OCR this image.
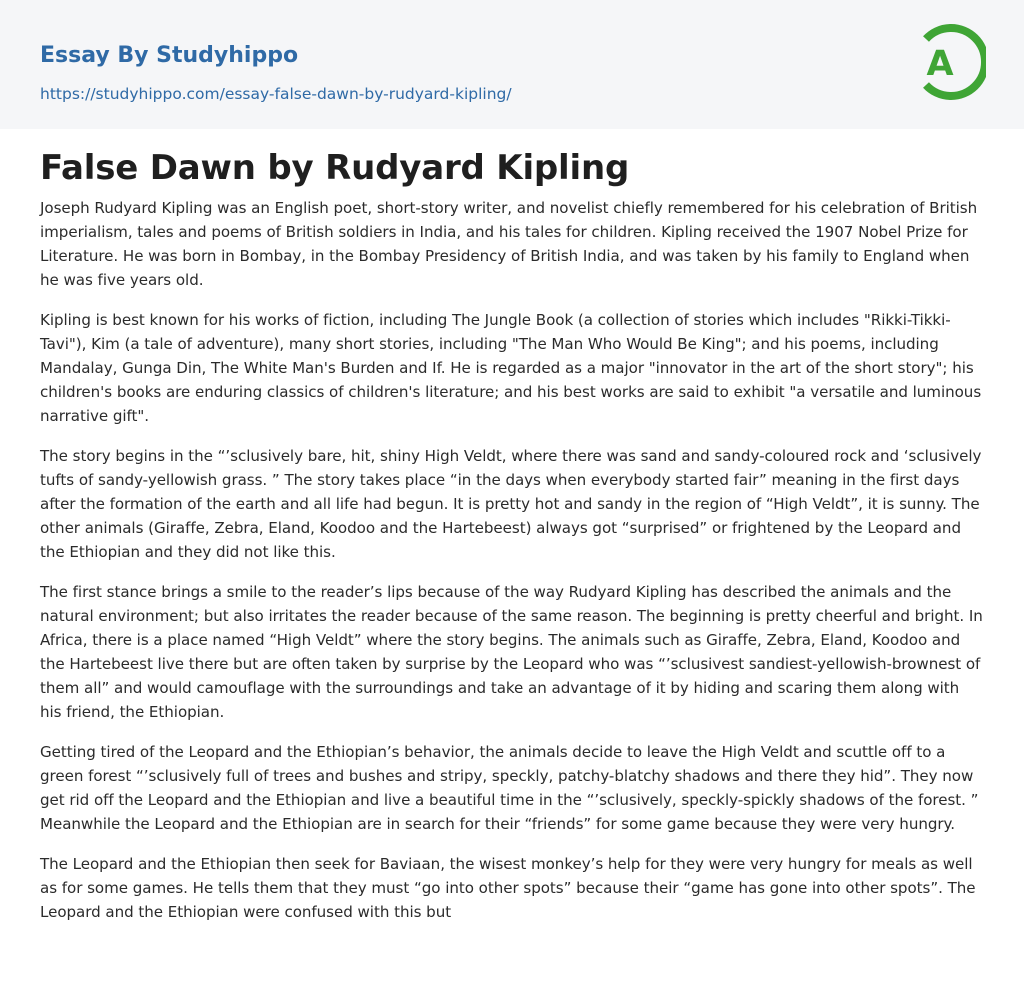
Essay By Studyhippo
https://studyhippo.com/essay-false-dawn-by-rudyard-kipling/
A
False Dawn by Rudyard Kipling

Joseph Rudyard Kipling was an English poet, short-story writer, and novelist chiefly remembered for his celebration of British imperialism, tales and poems of British soldiers in India, and his tales for children. Kipling received the 1907 Nobel Prize for Literature. He was born in Bombay, in the Bombay Presidency of British India, and was taken by his family to England when he was five years old.

Kipling is best known for his works of fiction, including The Jungle Book (a collection of stories which includes "Rikki-Tikki-Tavi"), Kim (a tale of adventure), many short stories, including "The Man Who Would Be King"; and his poems, including Mandalay, Gunga Din, The White Man's Burden and If. He is regarded as a major "innovator in the art of the short story"; his children's books are enduring classics of children's literature; and his best works are said to exhibit "a versatile and luminous narrative gift".

The story begins in the “’sclusively bare, hit, shiny High Veldt, where there was sand and sandy-coloured rock and ‘sclusively tufts of sandy-yellowish grass. ” The story takes place “in the days when everybody started fair” meaning in the first days after the formation of the earth and all life had begun. It is pretty hot and sandy in the region of “High Veldt”, it is sunny. The other animals (Giraffe, Zebra, Eland, Koodoo and the Hartebeest) always got “surprised” or frightened by the Leopard and the Ethiopian and they did not like this.

The first stance brings a smile to the reader’s lips because of the way Rudyard Kipling has described the animals and the natural environment; but also irritates the reader because of the same reason. The beginning is pretty cheerful and bright. In Africa, there is a place named “High Veldt” where the story begins. The animals such as Giraffe, Zebra, Eland, Koodoo and the Hartebeest live there but are often taken by surprise by the Leopard who was “’sclusivest sandiest-yellowish-brownest of them all” and would camouflage with the surroundings and take an advantage of it by hiding and scaring them along with his friend, the Ethiopian.

Getting tired of the Leopard and the Ethiopian’s behavior, the animals decide to leave the High Veldt and scuttle off to a green forest “’sclusively full of trees and bushes and stripy, speckly, patchy-blatchy shadows and there they hid”. They now get rid off the Leopard and the Ethiopian and live a beautiful time in the “’sclusively, speckly-spickly shadows of the forest. ” Meanwhile the Leopard and the Ethiopian are in search for their “friends” for some game because they were very hungry.

The Leopard and the Ethiopian then seek for Baviaan, the wisest monkey’s help for they were very hungry for meals as well as for some games. He tells them that they must “go into other spots” because their “game has gone into other spots”. The Leopard and the Ethiopian were confused with this but
